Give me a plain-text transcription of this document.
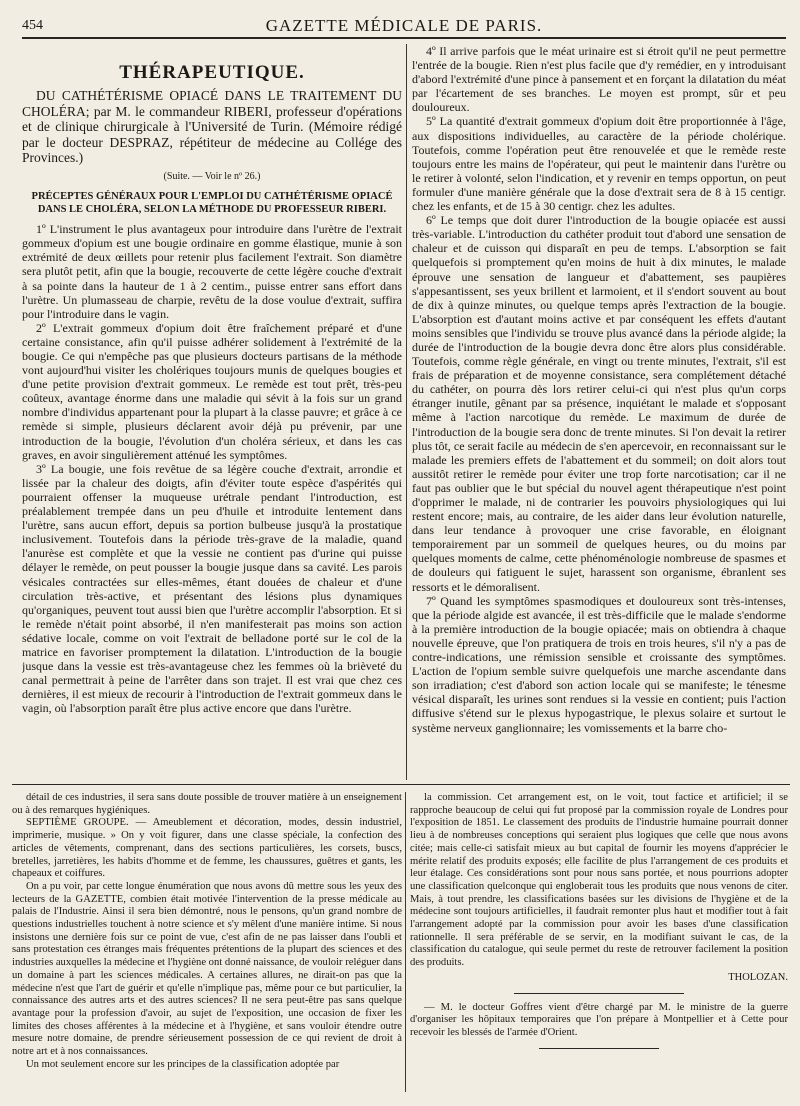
454	GAZETTE MÉDICALE DE PARIS.
THÉRAPEUTIQUE.

DU CATHÉTÉRISME OPIACÉ DANS LE TRAITEMENT DU CHOLÉRA; par M. le commandeur RIBERI, professeur d'opérations et de clinique chirurgicale à l'Université de Turin. (Mémoire rédigé par le docteur DESPRAZ, répétiteur de médecine au Collége des Provinces.)

(Suite. — Voir le nº 26.)
PRÉCEPTES GÉNÉRAUX POUR L'EMPLOI DU CATHÉTÉRISME OPIACÉ DANS LE CHOLÉRA, SELON LA MÉTHODE DU PROFESSEUR RIBERI.

1º L'instrument le plus avantageux pour introduire dans l'urètre de l'extrait gommeux d'opium est une bougie ordinaire en gomme élastique, munie à son extrémité de deux œillets pour retenir plus facilement l'extrait. Son diamètre sera plutôt petit, afin que la bougie, recouverte de cette légère couche d'extrait à sa pointe dans la hauteur de 1 à 2 centim., puisse entrer sans effort dans l'urètre. Un plumasseau de charpie, revêtu de la dose voulue d'extrait, suffira pour l'introduire dans le vagin.

2º L'extrait gommeux d'opium doit être fraîchement préparé et d'une certaine consistance, afin qu'il puisse adhérer solidement à l'extrémité de la bougie. Ce qui n'empêche pas que plusieurs docteurs partisans de la méthode vont aujourd'hui visiter les cholériques toujours munis de quelques bougies et d'une petite provision d'extrait gommeux. Le remède est tout prêt, très-peu coûteux, avantage énorme dans une maladie qui sévit à la fois sur un grand nombre d'individus appartenant pour la plupart à la classe pauvre; et grâce à ce remède si simple, plusieurs déclarent avoir déjà pu prévenir, par une introduction de la bougie, l'évolution d'un choléra sérieux, et dans les cas graves, en avoir singulièrement atténué les symptômes.

3º La bougie, une fois revêtue de sa légère couche d'extrait, arrondie et lissée par la chaleur des doigts, afin d'éviter toute espèce d'aspérités qui pourraient offenser la muqueuse urétrale pendant l'introduction, est préalablement trempée dans un peu d'huile et introduite lentement dans l'urètre, sans aucun effort, depuis sa portion bulbeuse jusqu'à la prostatique inclusivement. Toutefois dans la période très-grave de la maladie, quand l'anurèse est complète et que la vessie ne contient pas d'urine qui puisse délayer le remède, on peut pousser la bougie jusque dans sa cavité. Les parois vésicales contractées sur elles-mêmes, étant douées de chaleur et d'une circulation très-active, et présentant des lésions plus dynamiques qu'organiques, peuvent tout aussi bien que l'urètre accomplir l'absorption. Et si le remède n'était point absorbé, il n'en manifesterait pas moins son action sédative locale, comme on voit l'extrait de belladone porté sur le col de la matrice en favoriser promptement la dilatation. L'introduction de la bougie jusque dans la vessie est très-avantageuse chez les femmes où la brièveté du canal permettrait à peine de l'arrêter dans son trajet. Il est vrai que chez ces dernières, il est mieux de recourir à l'introduction de l'extrait gommeux dans le vagin, où l'absorption paraît être plus active encore que dans l'urètre.

4º Il arrive parfois que le méat urinaire est si étroit qu'il ne peut permettre l'entrée de la bougie. Rien n'est plus facile que d'y remédier, en y introduisant d'abord l'extrémité d'une pince à pansement et en forçant la dilatation du méat par l'écartement de ses branches. Le moyen est prompt, sûr et peu douloureux.

5º La quantité d'extrait gommeux d'opium doit être proportionnée à l'âge, aux dispositions individuelles, au caractère de la période cholérique. Toutefois, comme l'opération peut être renouvelée et que le remède reste toujours entre les mains de l'opérateur, qui peut le maintenir dans l'urètre ou le retirer à volonté, selon l'indication, et y revenir en temps opportun, on peut formuler d'une manière générale que la dose d'extrait sera de 8 à 15 centigr. chez les enfants, et de 15 à 30 centigr. chez les adultes.

6º Le temps que doit durer l'introduction de la bougie opiacée est aussi très-variable. L'introduction du cathéter produit tout d'abord une sensation de chaleur et de cuisson qui disparaît en peu de temps. L'absorption se fait quelquefois si promptement qu'en moins de huit à dix minutes, le malade éprouve une sensation de langueur et d'abattement, ses paupières s'appesantissent, ses yeux brillent et larmoient, et il s'endort souvent au bout de dix à quinze minutes, ou quelque temps après l'extraction de la bougie. L'absorption est d'autant moins active et par conséquent les effets d'autant moins sensibles que l'individu se trouve plus avancé dans la période algide; la durée de l'introduction de la bougie devra donc être alors plus considérable. Toutefois, comme règle générale, en vingt ou trente minutes, l'extrait, s'il est frais de préparation et de moyenne consistance, sera complétement détaché du cathéter, on pourra dès lors retirer celui-ci qui n'est plus qu'un corps étranger inutile, gênant par sa présence, inquiétant le malade et s'opposant même à l'action narcotique du remède. Le maximum de durée de l'introduction de la bougie sera donc de trente minutes. Si l'on devait la retirer plus tôt, ce serait facile au médecin de s'en apercevoir, en reconnaissant sur le malade les premiers effets de l'abattement et du sommeil; on doit alors tout aussitôt retirer le remède pour éviter une trop forte narcotisation; car il ne faut pas oublier que le but spécial du nouvel agent thérapeutique n'est point d'opprimer le malade, ni de contrarier les pouvoirs physiologiques qui lui restent encore; mais, au contraire, de les aider dans leur évolution naturelle, dans leur tendance à provoquer une crise favorable, en éloignant temporairement par un sommeil de quelques heures, ou du moins par quelques moments de calme, cette phénoménologie nombreuse de spasmes et de douleurs qui fatiguent le sujet, harassent son organisme, ébranlent ses ressorts et le démoralisent.

7º Quand les symptômes spasmodiques et douloureux sont très-intenses, que la période algide est avancée, il est très-difficile que le malade s'endorme à la première introduction de la bougie opiacée; mais on obtiendra à chaque nouvelle épreuve, que l'on pratiquera de trois en trois heures, s'il n'y a pas de contre-indications, une rémission sensible et croissante des symptômes. L'action de l'opium semble suivre quelquefois une marche ascendante dans son irradiation; c'est d'abord son action locale qui se manifeste; le ténesme vésical disparaît, les urines sont rendues si la vessie en contient; puis l'action diffusive s'étend sur le plexus hypogastrique, le plexus solaire et surtout le système nerveux ganglionnaire; les vomissements et la barre cho-

détail de ces industries, il sera sans doute possible de trouver matière à un enseignement ou à des remarques hygiéniques.

SEPTIÈME GROUPE. — Ameublement et décoration, modes, dessin industriel, imprimerie, musique. » On y voit figurer, dans une classe spéciale, la confection des articles de vêtements, comprenant, dans des sections particulières, les corsets, buscs, bretelles, jarretières, les habits d'homme et de femme, les chaussures, guêtres et gants, les chapeaux et coiffures.

On a pu voir, par cette longue énumération que nous avons dû mettre sous les yeux des lecteurs de la GAZETTE, combien était motivée l'intervention de la presse médicale au palais de l'Industrie. Ainsi il sera bien démontré, nous le pensons, qu'un grand nombre de questions industrielles touchent à notre science et s'y mêlent d'une manière intime. Si nous insistons une dernière fois sur ce point de vue, c'est afin de ne pas laisser dans l'oubli et sans protestation ces étranges mais fréquentes prétentions de la plupart des sciences et des industries auxquelles la médecine et l'hygiène ont donné naissance, de vouloir reléguer dans un domaine à part les sciences médicales. A certaines allures, ne dirait-on pas que la médecine n'est que l'art de guérir et qu'elle n'implique pas, même pour ce but particulier, la connaissance des autres arts et des autres sciences? Il ne sera peut-être pas sans quelque avantage pour la profession d'avoir, au sujet de l'exposition, une occasion de fixer les limites des choses afférentes à la médecine et à l'hygiène, et sans vouloir étendre outre mesure notre domaine, de prendre sérieusement possession de ce qui revient de droit à notre art et à nos connaissances.

Un mot seulement encore sur les principes de la classification adoptée par

la commission. Cet arrangement est, on le voit, tout factice et artificiel; il se rapproche beaucoup de celui qui fut proposé par la commission royale de Londres pour l'exposition de 1851. Le classement des produits de l'industrie humaine pourrait donner lieu à de nombreuses conceptions qui seraient plus logiques que celle que nous avons citée; mais celle-ci satisfait mieux au but capital de fournir les moyens d'apprécier le mérite relatif des produits exposés; elle facilite de plus l'arrangement de ces produits et leur étalage. Ces considérations sont pour nous sans portée, et nous pourrions adopter une classification quelconque qui engloberait tous les produits que nous venons de citer. Mais, à tout prendre, les classifications basées sur les divisions de l'hygiène et de la médecine sont toujours artificielles, il faudrait remonter plus haut et modifier tout à fait l'arrangement adopté par la commission pour avoir les bases d'une classification rationnelle. Il sera préférable de se servir, en la modifiant suivant le cas, de la classification du catalogue, qui seule permet du reste de retrouver facilement la position des produits.

THOLOZAN.

— M. le docteur Goffres vient d'être chargé par M. le ministre de la guerre d'organiser les hôpitaux temporaires que l'on prépare à Montpellier et à Cette pour recevoir les blessés de l'armée d'Orient.
